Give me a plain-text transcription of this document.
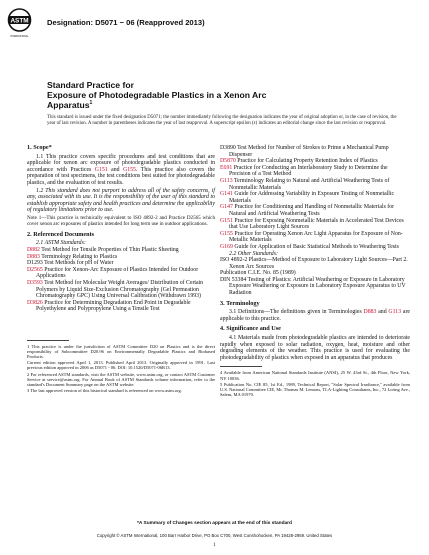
ASTM
INTERNATIONAL
Designation: D5071 − 06 (Reapproved 2013)
Standard Practice for
Exposure of Photodegradable Plastics in a Xenon Arc
Apparatus$^1$
This standard is issued under the fixed designation D5071; the number immediately following the designation indicates the year of original adoption or, in the case of revision, the year of last revision. A number in parentheses indicates the year of last reapproval. A superscript epsilon (ε) indicates an editorial change since the last revision or reapproval.
1. Scope*

1.1 This practice covers specific procedures and test conditions that are applicable for xenon arc exposure of photodegradable plastics conducted in accordance with Practices G151 and G155. This practice also covers the preparation of test specimens, the test conditions best suited for photodegradable plastics, and the evaluation of test results.

1.2 This standard does not purport to address all of the safety concerns, if any, associated with its use. It is the responsibility of the user of this standard to establish appropriate safety and health practices and determine the applicability of regulatory limitations prior to use.

Note 1—This practice is technically equivalent to ISO 4892-2 and Practice D2565 which cover xenon arc exposures of plastics intended for long term use in outdoor applications.

2. Referenced Documents

2.1 ASTM Standards:

D882 Test Method for Tensile Properties of Thin Plastic Sheeting

D883 Terminology Relating to Plastics

D1293 Test Methods for pH of Water

D2565 Practice for Xenon-Arc Exposure of Plastics Intended for Outdoor Applications

D3593 Test Method for Molecular Weight Averages/ Distribution of Certain Polymers by Liquid Size-Exclusion Chromatography (Gel Permeation Chromatography GPC) Using Universal Calibration (Withdrawn 1993)

D3826 Practice for Determining Degradation End Point in Degradable Polyethylene and Polypropylene Using a Tensile Test

1 This practice is under the jurisdiction of ASTM Committee D20 on Plastics and is the direct responsibility of Subcommittee D20.96 on Environmentally Degradable Plastics and Biobased Products.

Current edition approved April 1, 2013. Published April 2013. Originally approved in 1991. Last previous edition approved in 2006 as D5071 - 06. DOI: 10.1520/D5071-06R13.

2 For referenced ASTM standards, visit the ASTM website, www.astm.org, or contact ASTM Customer Service at service@astm.org. For Annual Book of ASTM Standards volume information, refer to the standard's Document Summary page on the ASTM website.

3 The last approved version of this historical standard is referenced on www.astm.org.

D3890 Test Method for Number of Strokes to Prime a Mechanical Pump Dispenser

D5870 Practice for Calculating Property Retention Index of Plastics

E691 Practice for Conducting an Interlaboratory Study to Determine the Precision of a Test Method

G113 Terminology Relating to Natural and Artificial Weathering Tests of Nonmetallic Materials

G141 Guide for Addressing Variability in Exposure Testing of Nonmetallic Materials

G147 Practice for Conditioning and Handling of Nonmetallic Materials for Natural and Artificial Weathering Tests

G151 Practice for Exposing Nonmetallic Materials in Accelerated Test Devices that Use Laboratory Light Sources

G155 Practice for Operating Xenon Arc Light Apparatus for Exposure of Non-Metallic Materials

G169 Guide for Application of Basic Statistical Methods to Weathering Tests

2.2 Other Standards:

ISO 4892-2 Plastics—Method of Exposure to Laboratory Light Sources—Part 2. Xenon Arc Sources

Publication C.I.E. No. 85 (1989)

DIN 53384 Testing of Plastics: Artificial Weathering or Exposure in Laboratory Exposure Weathering or Exposure in Laboratory Exposure Apparatus to UV Radiation

3. Terminology

3.1 Definitions—The definitions given in Terminologies D883 and G113 are applicable to this practice.

4. Significance and Use

4.1 Materials made from photodegradable plastics are intended to deteriorate rapidly when exposed to solar radiation, oxygen, heat, moisture and other degrading elements of the weather. This practice is used for evaluating the photodegradability of plastics when exposed in an apparatus that produces

4 Available from American National Standards Institute (ANSI), 25 W. 43rd St., 4th Floor, New York, NY 10036.

5 Publication No. CIE 85, 1st Ed., 1989, Technical Report, "Solar Spectral Irradiance," available from U.S. National Committee CIE, Mr. Thomas M. Lemons, TLA-Lighting Consultants, Inc., 72 Loring Ave., Salem, MA 01970.

*A Summary of Changes section appears at the end of this standard
Copyright © ASTM International, 100 Barr Harbor Drive, PO Box C700, West Conshohocken, PA 19428-2959. United States
1
